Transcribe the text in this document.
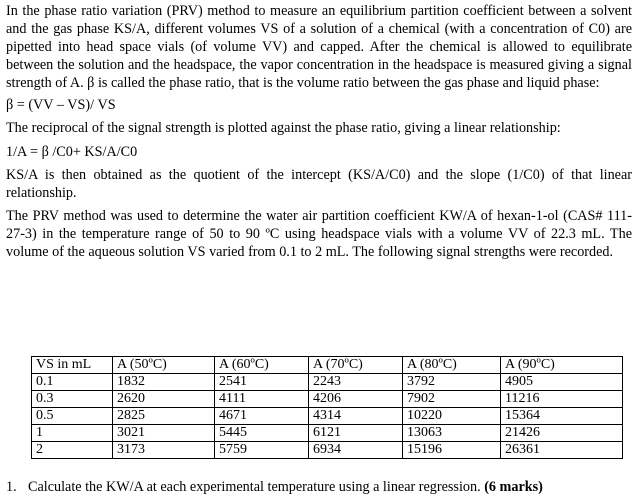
In the phase ratio variation (PRV) method to measure an equilibrium partition coefficient between a solvent and the gas phase KS/A, different volumes VS of a solution of a chemical (with a concentration of C0) are pipetted into head space vials (of volume VV) and capped. After the chemical is allowed to equilibrate between the solution and the headspace, the vapor concentration in the headspace is measured giving a signal strength of A. β is called the phase ratio, that is the volume ratio between the gas phase and liquid phase:

β = (VV – VS)/ VS

The reciprocal of the signal strength is plotted against the phase ratio, giving a linear relationship:

1/A = β /C0+ KS/A/C0

KS/A is then obtained as the quotient of the intercept (KS/A/C0) and the slope (1/C0) of that linear relationship.

The PRV method was used to determine the water air partition coefficient KW/A of hexan-1-ol (CAS# 111-27-3) in the temperature range of 50 to 90 ºC using headspace vials with a volume VV of 22.3 mL. The volume of the aqueous solution VS varied from 0.1 to 2 mL. The following signal strengths were recorded.

VS in mL	A (50ºC)	A (60ºC)	A (70ºC)	A (80ºC)	A (90ºC)
0.1	1832	2541	2243	3792	4905
0.3	2620	4111	4206	7902	11216
0.5	2825	4671	4314	10220	15364
1	3021	5445	6121	13063	21426
2	3173	5759	6934	15196	26361
1. Calculate the KW/A at each experimental temperature using a linear regression. (6 marks)
